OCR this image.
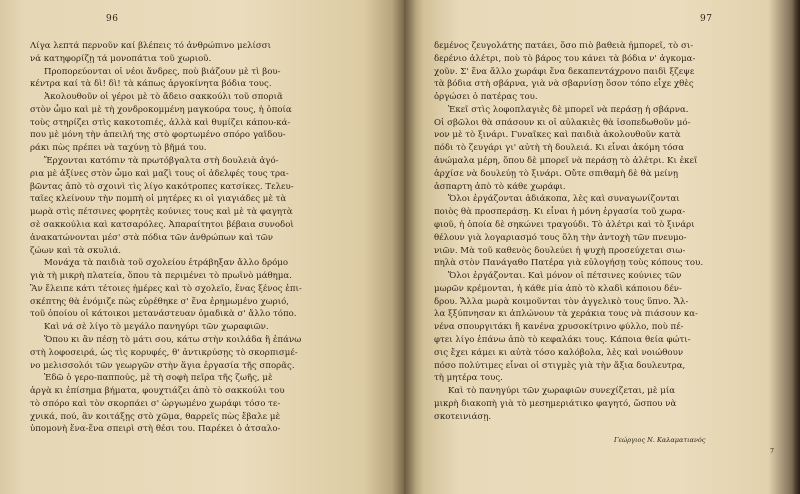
96
Λίγα λεπτά περνοῦν καί βλέπεις τό ἀνθρώπινο μελίσσι
νά κατηφορίζῃ τά μονοπάτια τοῦ χωριοῦ.
Προπορεύονται οἱ νέοι ἄνδρες, ποὺ βιάζουν μὲ τὶ βου-
κέντρα καί τὰ δὶ! δὶ! τὰ κάπως ἀργοκίνητα βόδια τους.
Ἀκολουθοῦν οἱ γέροι μὲ τὸ ἄδειο σακκούλι τοῦ σποριᾶ
στὸν ὦμο καὶ μὲ τὴ χονδροκομμένη μαγκούρα τους, ἡ ὁποία
τοὺς στηρίζει στὶς κακοτοπιές, ἀλλὰ καὶ θυμίζει κάπου-κά-
που μὲ μόνη τὴν ἀπειλή της στὸ φορτωμένο σπόρο γαϊδου-
ράκι πὼς πρέπει νὰ ταχύνῃ τὸ βῆμά του.
Ἔρχονται κατόπιν τὰ πρωτόβγαλτα στὴ δουλειὰ ἀγό-
ρια μὲ ἀξίνες στὸν ὦμο καὶ μαζὶ τους οἱ ἀδελφές τους τρα-
βῶντας ἀπὸ τὸ σχοινὶ τὶς λίγο κακότροπες κατσίκες. Τελευ-
ταῖες κλείνουν τὴν πομπὴ οἱ μητέρες κι οἱ γιαγιάδες μὲ τὰ
μωρὰ στὶς πέτσινες φορητὲς κούνιες τους καὶ μὲ τὰ φαγητὰ
σὲ σακκούλια καὶ κατσαρόλες. Ἀπαραίτητοι βέβαια συνοδοὶ
ἀνακατώνονται μέσ' στὰ πόδια τῶν ἀνθρώπων καὶ τῶν
ζώων καὶ τὰ σκυλιά.
Μονάχα τὰ παιδιὰ τοῦ σχολείου ἐτράβηξαν ἄλλο δρόμο
γιὰ τὴ μικρὴ πλατεία, ὅπου τὰ περιμένει τὸ πρωϊνὸ μάθημα.
Ἂν ἔλειπε κάτι τέτοιες ἡμέρες καὶ τὸ σχολεῖο, ἕνας ξένος ἐπι-
σκέπτης θὰ ἐνόμιζε πὼς εὑρέθηκε σ' ἕνα ἐρημωμένο χωριό,
τοῦ ὁποίου οἱ κάτοικοι μετανάστευαν ὁμαδικὰ σ' ἄλλο τόπο.
Καὶ νά σὲ λίγο τὸ μεγάλο πανηγύρι τῶν χωραφιῶν.
Ὅπου κι ἂν πέσῃ τὸ μάτι σου, κάτω στὴν κοιλάδα ἢ ἐπάνω
στὴ λοφοσειρά, ὡς τὶς κορυφές, θ' ἀντικρύσῃς τὸ σκορπισμέ-
νο μελισσολόι τῶν γεωργῶν στὴν ἅγια ἐργασία τῆς σπορᾶς.
Ἐδῶ ὁ γερο-παππούς, μὲ τὴ σοφὴ πεῖρα τῆς ζωῆς, μὲ
ἀργὰ κι ἐπίσημα βήματα, φουχτιάζει ἀπὸ τὸ σακκούλι του
τὸ σπόρο καὶ τὸν σκορπάει σ' ὡργωμένο χωράφι τόσο τε-
χνικά, πού, ἂν κοιτάξῃς στὸ χῶμα, θαρρεῖς πὼς ἔβαλε μὲ
ὑπομονὴ ἕνα-ἕνα σπειρὶ στὴ θέσι του. Παρέκει ὁ ἀτσαλο-
97
δεμένος ζευγολάτης πατάει, ὅσο πιὸ βαθειὰ ἠμπορεῖ, τὸ σι-
δερένιο ἀλέτρι, ποὺ τὸ βάρος του κάνει τὰ βόδια ν' ἀγκομα-
χοῦν. Σ' ἕνα ἄλλο χωράφι ἕνα δεκαπεντάχρονο παιδὶ ξζεψε
τὰ βόδια στὴ σβάρνα, γιὰ νὰ σβαρνίσῃ ὅσον τόπο εἶχε χθὲς
ὀργώσει ὁ πατέρας του.
Ἐκεῖ στὶς λοφοπλαγιὲς δὲ μπορεῖ νὰ περάσῃ ἡ σβάρνα.
Οἱ σβῶλοι θὰ σπάσουν κι οἱ αὐλακιὲς θὰ ἰσοπεδωθοῦν μό-
νον μὲ τὸ ξινάρι. Γυναῖκες καὶ παιδιὰ ἀκολουθοῦν κατὰ
πόδι τὸ ζευγάρι γι' αὐτὴ τὴ δουλειά. Κι εἶναι ἀκόμη τόσα
ἀνώμαλα μέρη, ὅπου δὲ μπορεῖ νὰ περάσῃ τὸ ἀλέτρι. Κι ἐκεῖ
ἀρχίσε νὰ δουλεύῃ τὸ ξινάρι. Οὔτε σπιθαμὴ δὲ θὰ μείνῃ
ἀσπαρτη ἀπὸ τὸ κάθε χωράφι.
Ὅλοι ἐργάζονται ἀδιάκοπα, λὲς καὶ συναγωνίζονται
ποιὸς θὰ προσπεράσῃ. Κι εἶναι ἡ μόνη ἐργασία τοῦ χωρα-
φιοῦ, ἡ ὁποία δὲ σηκώνει τραγούδι. Τὸ ἀλέτρι καὶ τὸ ξινάρι
θέλουν γιὰ λογαριασμό τους ὅλη τὴν ἀντοχὴ τῶν πνευμο-
νιῶν. Μὰ τοῦ καθενὸς δουλεύει ἡ ψυχὴ προσεύχεται σιω-
πηλὰ στὸν Πανάγαθο Πατέρα γιὰ εὐλογήσῃ τοὺς κόπους του.
Ὅλοι ἐργάζονται. Καὶ μόνον οἱ πέτσινες κούνιες τῶν
μωρῶν κρέμονται, ἡ κάθε μία ἀπὸ τὸ κλαδὶ κάποιου δέν-
δρου. Ἄλλα μωρὰ κοιμοῦνται τὸν ἀγγελικὸ τους ὕπνο. Ἄλ-
λα ξξύπνησαν κι ἀπλώνουν τὰ χεράκια τους νὰ πιάσουν κα-
νένα σπουργιτάκι ἢ κανένα χρυσοκίτρινο φύλλο, ποὺ πέ-
φτει λίγο ἐπάνω ἀπὸ τὸ κεφαλάκι τους. Κάποια θεία φώτι-
σις ἔχει κάμει κι αὐτὰ τόσο καλόβολα, λὲς καὶ νοιώθουν
πόσο πολύτιμες εἶναι οἱ στιγμὲς γιὰ τὴν ἄξια δουλευτρα,
τὴ μητέρα τους.
Καὶ τὸ πανηγύρι τῶν χωραφιῶν συνεχίζεται, μὲ μία
μικρὴ διακοπὴ γιὰ τὸ μεσημεριάτικο φαγητό, ὥσπου νὰ
σκοτεινιάσῃ.
Γεώργιος Ν. Καλαματιανός
7
